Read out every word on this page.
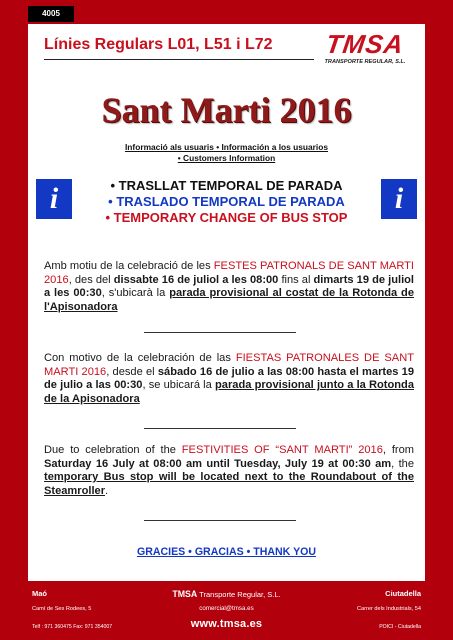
4005
Línies Regulars L01, L51 i L72	TMSA
TRANSPORTE REGULAR, S.L.
Sant Marti 2016
Informació als usuaris • Información a los usuarios
• Customers Information
i	i
• TRASLLAT TEMPORAL DE PARADA
• TRASLADO TEMPORAL DE PARADA
• TEMPORARY CHANGE OF BUS STOP
Amb motiu de la celebració de les FESTES PATRONALS DE SANT MARTI 2016, des del dissabte 16 de juliol a les 08:00 fins al dimarts 19 de juliol a les 00:30, s'ubicarà la parada provisional al costat de la Rotonda de l'Apisonadora
Con motivo de la celebración de las FIESTAS PATRONALES DE SANT MARTI 2016, desde el sábado 16 de julio a las 08:00 hasta el martes 19 de julio a las 00:30, se ubicará la parada provisional junto a la Rotonda de la Apisonadora
Due to celebration of the FESTIVITIES OF “SANT MARTI” 2016, from Saturday 16 July at 08:00 am until Tuesday, July 19 at 00:30 am, the temporary Bus stop will be located next to the Roundabout of the Steamroller.
GRACIES • GRACIAS • THANK YOU
Maó
Camí de Ses Rodees, 5
Telf : 971 360475 Fax: 971 354007
TMSA Transporte Regular, S.L.
comercial@tmsa.es
www.tmsa.es
Ciutadella
Carrer dels Industrials, 54
POICI - Ciutadella
